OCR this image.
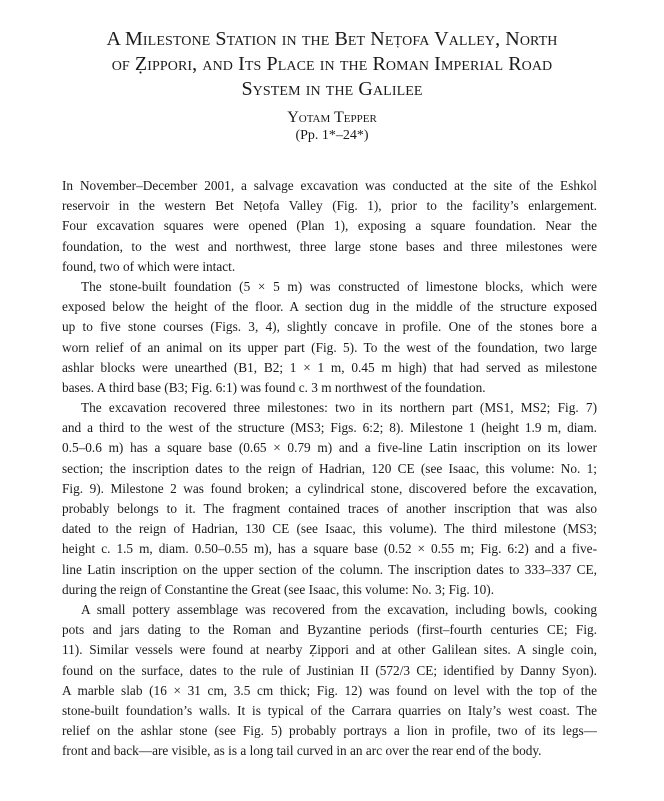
A Milestone Station in the Bet Neṭofa Valley, North
of Ẓippori, and Its Place in the Roman Imperial Road
System in the Galilee
Yotam Tepper
(Pp. 1*–24*)
In November–December 2001, a salvage excavation was conducted at the site of the Eshkol
reservoir in the western Bet Neṭofa Valley (Fig. 1), prior to the facility’s enlargement.
Four excavation squares were opened (Plan 1), exposing a square foundation. Near the
foundation, to the west and northwest, three large stone bases and three milestones were
found, two of which were intact.
The stone-built foundation (5 × 5 m) was constructed of limestone blocks, which were
exposed below the height of the floor. A section dug in the middle of the structure exposed
up to five stone courses (Figs. 3, 4), slightly concave in profile. One of the stones bore a
worn relief of an animal on its upper part (Fig. 5). To the west of the foundation, two large
ashlar blocks were unearthed (B1, B2; 1 × 1 m, 0.45 m high) that had served as milestone
bases. A third base (B3; Fig. 6:1) was found c. 3 m northwest of the foundation.
The excavation recovered three milestones: two in its northern part (MS1, MS2; Fig. 7)
and a third to the west of the structure (MS3; Figs. 6:2; 8). Milestone 1 (height 1.9 m, diam.
0.5–0.6 m) has a square base (0.65 × 0.79 m) and a five-line Latin inscription on its lower
section; the inscription dates to the reign of Hadrian, 120 CE (see Isaac, this volume: No. 1;
Fig. 9). Milestone 2 was found broken; a cylindrical stone, discovered before the excavation,
probably belongs to it. The fragment contained traces of another inscription that was also
dated to the reign of Hadrian, 130 CE (see Isaac, this volume). The third milestone (MS3;
height c. 1.5 m, diam. 0.50–0.55 m), has a square base (0.52 × 0.55 m; Fig. 6:2) and a five-
line Latin inscription on the upper section of the column. The inscription dates to 333–337 CE,
during the reign of Constantine the Great (see Isaac, this volume: No. 3; Fig. 10).
A small pottery assemblage was recovered from the excavation, including bowls, cooking
pots and jars dating to the Roman and Byzantine periods (first–fourth centuries CE; Fig.
11). Similar vessels were found at nearby Ẓippori and at other Galilean sites. A single coin,
found on the surface, dates to the rule of Justinian II (572/3 CE; identified by Danny Syon).
A marble slab (16 × 31 cm, 3.5 cm thick; Fig. 12) was found on level with the top of the
stone-built foundation’s walls. It is typical of the Carrara quarries on Italy’s west coast. The
relief on the ashlar stone (see Fig. 5) probably portrays a lion in profile, two of its legs—
front and back—are visible, as is a long tail curved in an arc over the rear end of the body.
